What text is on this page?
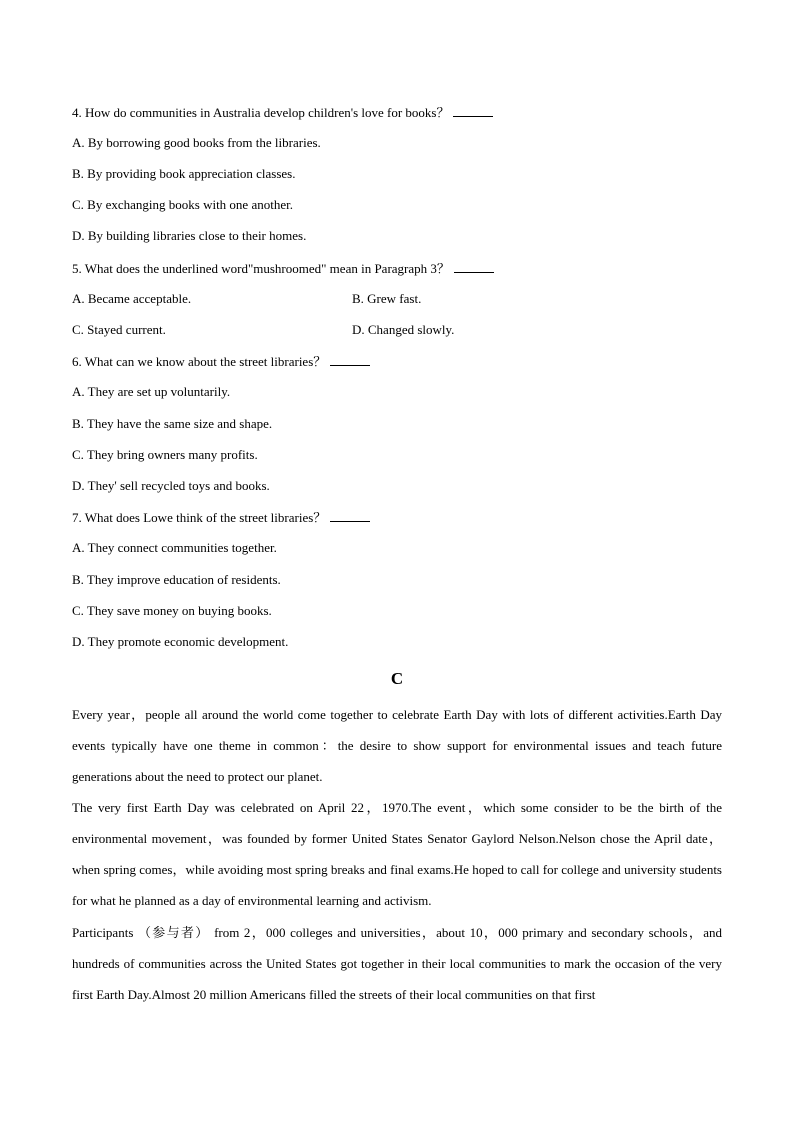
4. How do communities in Australia develop children's love for books？
A. By borrowing good books from the libraries.
B. By providing book appreciation classes.
C. By exchanging books with one another.
D. By building libraries close to their homes.
5. What does the underlined word"mushroomed" mean in Paragraph 3？
A. Became acceptable.	B. Grew fast.
C. Stayed current.	D. Changed slowly.
6. What can we know about the street libraries？
A. They are set up voluntarily.
B. They have the same size and shape.
C. They bring owners many profits.
D. They' sell recycled toys and books.
7. What does Lowe think of the street libraries？
A. They connect communities together.
B. They improve education of residents.
C. They save money on buying books.
D. They promote economic development.
C
Every year，people all around the world come together to celebrate Earth Day with lots of different activities.Earth Day events typically have one theme in common：the desire to show support for environmental issues and teach future generations about the need to protect our planet.
The very first Earth Day was celebrated on April 22，1970.The event，which some consider to be the birth of the environmental movement，was founded by former United States Senator Gaylord Nelson.Nelson chose the April date，when spring comes，while avoiding most spring breaks and final exams.He hoped to call for college and university students for what he planned as a day of environmental learning and activism.
Participants （参与者） from 2，000 colleges and universities，about 10，000 primary and secondary schools，and hundreds of communities across the United States got together in their local communities to mark the occasion of the very first Earth Day.Almost 20 million Americans filled the streets of their local communities on that first
